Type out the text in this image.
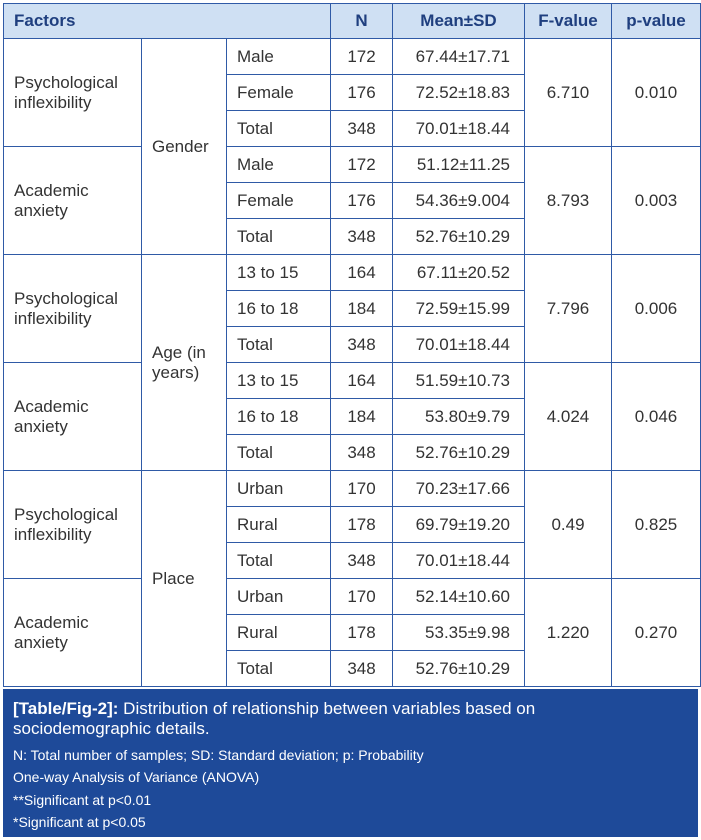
Factors			N	Mean±SD	F-value	p-value
Psychological inflexibility	Gender	Male	172	67.44±17.71	6.710	0.010
		Female	176	72.52±18.83		
		Total	348	70.01±18.44		
Academic anxiety		Male	172	51.12±11.25	8.793	0.003
		Female	176	54.36±9.004		
		Total	348	52.76±10.29		
Psychological inflexibility	Age (in years)	13 to 15	164	67.11±20.52	7.796	0.006
		16 to 18	184	72.59±15.99		
		Total	348	70.01±18.44		
Academic anxiety		13 to 15	164	51.59±10.73	4.024	0.046
		16 to 18	184	53.80±9.79		
		Total	348	52.76±10.29		
Psychological inflexibility	Place	Urban	170	70.23±17.66	0.49	0.825
		Rural	178	69.79±19.20		
		Total	348	70.01±18.44		
Academic anxiety		Urban	170	52.14±10.60	1.220	0.270
		Rural	178	53.35±9.98		
		Total	348	52.76±10.29		
[Table/Fig-2]: Distribution of relationship between variables based on sociodemographic details.
N: Total number of samples; SD: Standard deviation; p: Probability
One-way Analysis of Variance (ANOVA)
**Significant at p<0.01
*Significant at p<0.05
